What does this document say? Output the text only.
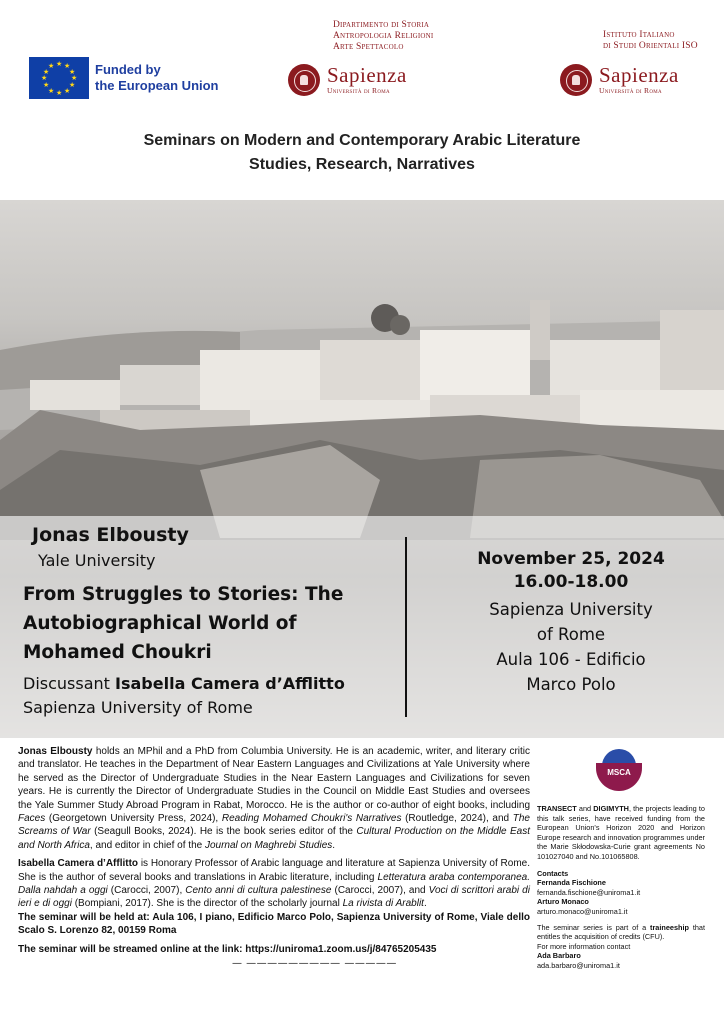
★ ★
★
★
★
★
★
★
★
★
★
★	Funded by
the European Union
Dipartimento di Storia
Antropologia Religioni
Arte Spettacolo
Istituto Italiano
di Studi Orientali ISO
Sapienza
Università di Roma
Sapienza
Università di Roma
Seminars on Modern and Contemporary Arabic Literature
Studies, Research, Narratives
Jonas Elbousty
Yale University
From Struggles to Stories: The Autobiographical World of Mohamed Choukri
Discussant Isabella Camera d’Afflitto
Sapienza University of Rome
November 25, 2024
16.00-18.00
Sapienza University
of Rome
Aula 106 - Edificio
Marco Polo

Jonas Elbousty holds an MPhil and a PhD from Columbia University. He is an academic, writer, and literary critic and translator. He teaches in the Department of Near Eastern Languages and Civilizations at Yale University where he served as the Director of Undergraduate Studies in the Near Eastern Languages and Civilizations for seven years. He is currently the Director of Undergraduate Studies in the Council on Middle East Studies and oversees the Yale Summer Study Abroad Program in Rabat, Morocco. He is the author or co-author of eight books, including Faces (Georgetown University Press, 2024), Reading Mohamed Choukri's Narratives (Routledge, 2024), and The Screams of War (Seagull Books, 2024). He is the book series editor of the Cultural Production on the Middle East and North Africa, and editor in chief of the Journal on Maghrebi Studies.

Isabella Camera d’Afflitto is Honorary Professor of Arabic language and literature at Sapienza University of Rome. She is the author of several books and translations in Arabic literature, including Letteratura araba contemporanea. Dalla nahdah a oggi (Carocci, 2007), Cento anni di cultura palestinese (Carocci, 2007), and Voci di scrittori arabi di ieri e di oggi (Bompiani, 2017). She is the director of the scholarly journal La rivista di Arablit.

The seminar will be held at: Aula 106, I piano, Edificio Marco Polo, Sapienza University of Rome, Viale dello Scalo S. Lorenzo 82, 00159 Roma

The seminar will be streamed online at the link: https://uniroma1.zoom.us/j/84765205435

— ————————— —————
MSCA

TRANSECT and DIGIMYTH, the projects leading to this talk series, have received funding from the European Union's Horizon 2020 and Horizon Europe research and innovation programmes under the Marie Skłodowska-Curie grant agreements No 101027040 and No.101065808.

Contacts

Fernanda Fischione

fernanda.fischione@uniroma1.it

Arturo Monaco

arturo.monaco@uniroma1.it

The seminar series is part of a traineeship that entitles the acquisition of credits (CFU).

For more information contact

Ada Barbaro

ada.barbaro@uniroma1.it
